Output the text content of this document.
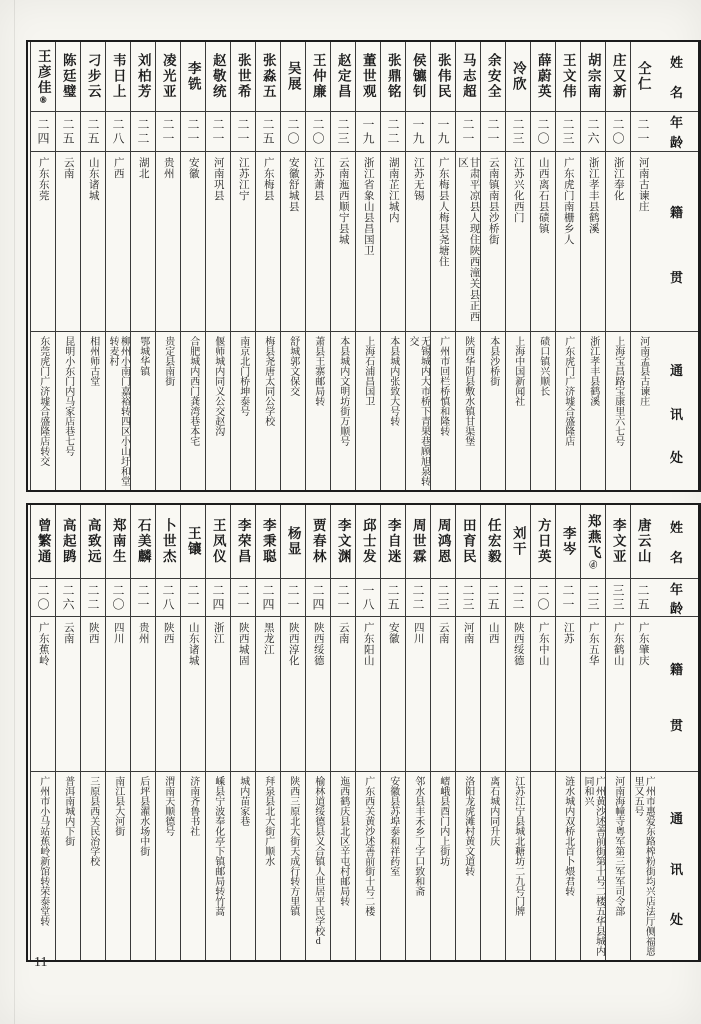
姓
名
年
龄
籍
贯
通
讯
处
仝仁
二一
河南古谏庄
河南孟县古谏庄
庄又新
二〇
浙江奉化
上海宝昌路宝康里六七号
胡宗南
二六
浙江孝丰县鹤溪
浙江孝丰县鹤溪
王文伟
二三
广东虎门南栅乡人
广东虎门广济墟合盛隆店
薛蔚英
二〇
山西离石县碛镇
碛口镇兴顺长
冷欣
二三
江苏兴化西门
上海中国新闻社
余安全
二一
云南镇南县沙桥街
本县沙桥街
马志超
二一
甘肃平凉县人现住陕西潼关县正西区
陕西华阴县敷水镇甘渠堡
张伟民
一九
广东梅县人梅县尧塘住
广州市回栏桥慎和隆转
侯镳钊
一九
江苏无锡
无锡城内大市桥下青果巷顾旭泉转交
张鼎铭
二二
湖南芷江城内
本县城内张致大号转
董世观
一九
浙江省象山县昌国卫
上海石浦昌国卫
赵定昌
二三
云南迤西顺宁县城
本县城内文明坊街万顺号
王仲廉
二〇
江苏萧县
萧县王寨邮局转
吴展
二〇
安徽舒城县
舒城郭文保交
张淼五
二五
广东梅县
梅县尧唐太同公学校
张世希
二一
江苏江宁
南京北门桥坤泰号
赵敬统
二一
河南巩县
偃师城内同义公交赵沟
李铣
二一
安徽
合肥城内西门龚湾巷本宅
凌光亚
二一
贵州
贵定县南街
刘柏芳
二二
湖北
鄂城华镇
韦日上
二八
广西
柳州小南门嘉裕转四区小山圩和堂转麦村
刁步云
二五
山东诸城
相州师古堂
陈廷璧
二五
云南
昆明小东门内马家店巷七号
王彦佳⑧
二四
广东东莞
东莞虎门广济墟合盛隆店转交
姓
名
年
龄
籍
贯
通
讯
处
唐云山
二五
广东肇庆
广州市惠爱东路榨粉街均兴店法厅侧福恩里又五号
李文亚
三三
广东鹤山
河南海幢寺粤军第三军军司令部
郑燕飞ⓓ
二三
广东五华
广州黄沙述善前街第十号二楼五华县城内同和兴
李岑
二一
江苏
涟水城内双桥北首卜煨君转
方日英
二〇
广东中山
刘干
二二
陕西绥德
江苏江宁县城北糖坊二九号门牌
任宏毅
二五
山西
离石城内同升庆
田育民
二三
河南
洛阳龙虎滩村黄文道转
周鸿恩
二三
云南
嶍峨县酉门内上街坊
周世霖
二二
四川
邻水县丰禾乡丁字口致和斋
李自迷
二五
安徽
安徽县苏埠泰和祥药室
邱士发
一八
广东阳山
广东西关黄沙述善前街十号二楼
李文渊
二一
云南
迤西鹤庆县北区辛屯村邮局转
贾春林
二四
陕西绥德
榆林道绥德县义合镇人世居平民学校d
杨显
二一
陕西淳化
陕西三原北大街天成行转方里镇
李秉聪
二四
黑龙江
拜泉县北大街广顺水
李荣昌
二一
陕西城固
城内苗家巷
王凤仪
二四
浙江
嵊县宁波奉化亭下镇邮局转竹蒿
王镶
二一
山东诸城
济南齐鲁书社
卜世杰
二八
陕西
渭南天顺德号
石美麟
二一
贵州
后坪县濯水场中街
郑南生
二〇
四川
南江县大河街
高致远
二二
陕西
三原县西关民治学校
高起鹍
二六
云南
普洱南城内下街
曾繁通
二〇
广东蕉岭
广州市小马站蕉岭新馆转荣泰堂转
11
